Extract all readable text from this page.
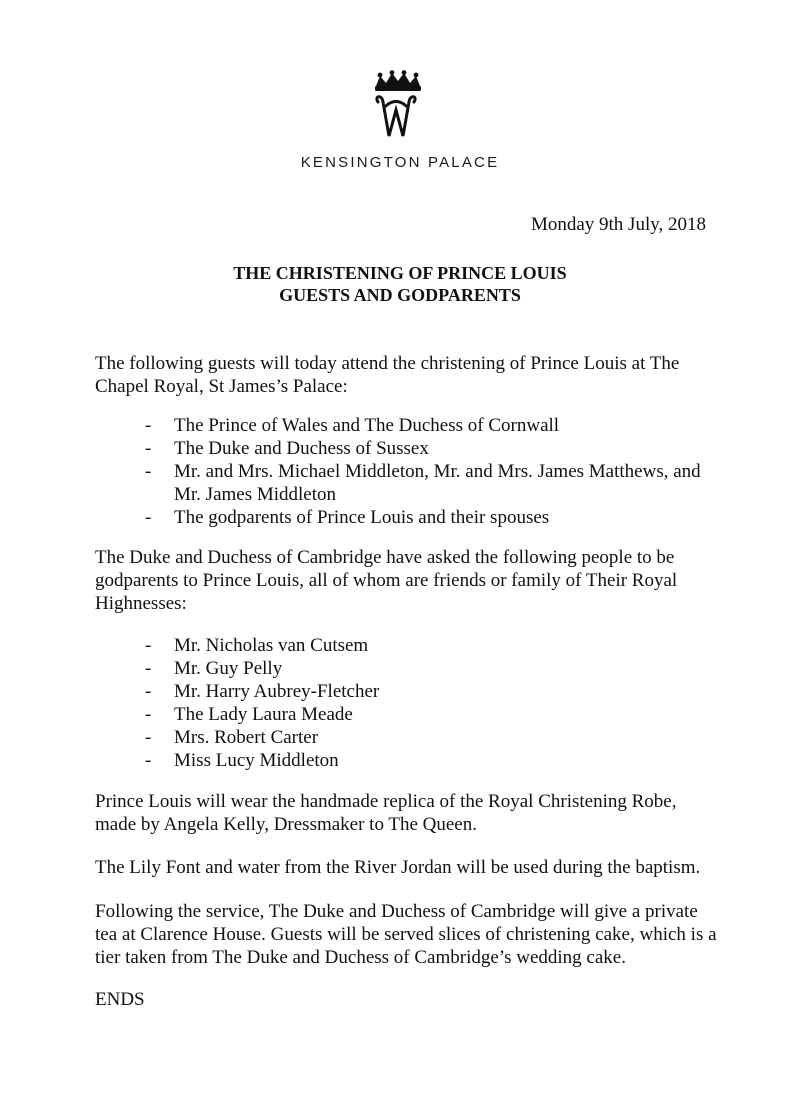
KENSINGTON PALACE
Monday 9th July, 2018
THE CHRISTENING OF PRINCE LOUIS
GUESTS AND GODPARENTS

The following guests will today attend the christening of Prince Louis at The Chapel Royal, St James’s Palace:

- The Prince of Wales and The Duchess of Cornwall
- The Duke and Duchess of Sussex
- Mr. and Mrs. Michael Middleton, Mr. and Mrs. James Matthews, and Mr. James Middleton
- The godparents of Prince Louis and their spouses

The Duke and Duchess of Cambridge have asked the following people to be godparents to Prince Louis, all of whom are friends or family of Their Royal Highnesses:

- Mr. Nicholas van Cutsem
- Mr. Guy Pelly
- Mr. Harry Aubrey-Fletcher
- The Lady Laura Meade
- Mrs. Robert Carter
- Miss Lucy Middleton

Prince Louis will wear the handmade replica of the Royal Christening Robe, made by Angela Kelly, Dressmaker to The Queen.

The Lily Font and water from the River Jordan will be used during the baptism.

Following the service, The Duke and Duchess of Cambridge will give a private tea at Clarence House. Guests will be served slices of christening cake, which is a tier taken from The Duke and Duchess of Cambridge’s wedding cake.

ENDS
